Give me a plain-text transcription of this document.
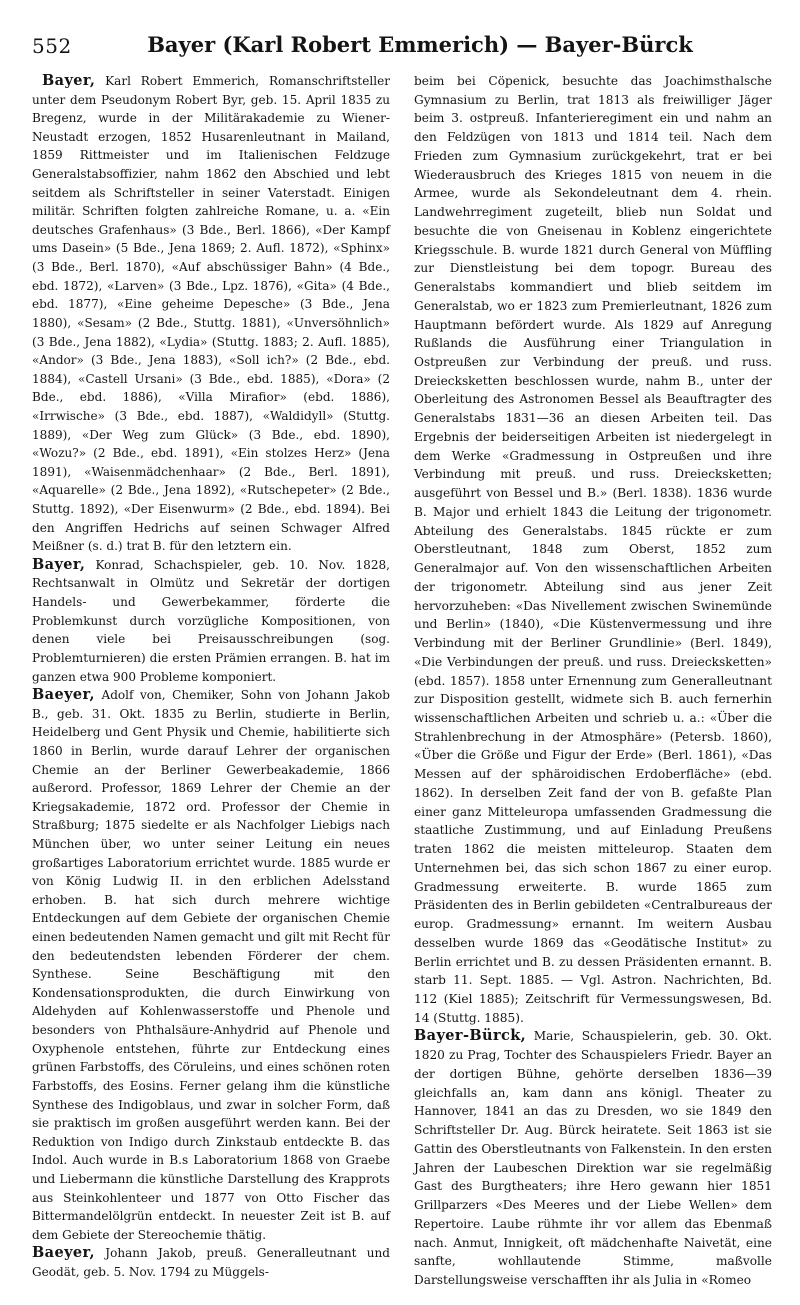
552	Bayer (Karl Robert Emmerich) — Bayer-Bürck

Bayer, Karl Robert Emmerich, Romanschriftsteller unter dem Pseudonym Robert Byr, geb. 15. April 1835 zu Bregenz, wurde in der Militärakademie zu Wiener-Neustadt erzogen, 1852 Husarenleutnant in Mailand, 1859 Rittmeister und im Italienischen Feldzuge Generalstabsoffizier, nahm 1862 den Abschied und lebt seitdem als Schriftsteller in seiner Vaterstadt. Einigen militär. Schriften folgten zahlreiche Romane, u. a. «Ein deutsches Grafenhaus» (3 Bde., Berl. 1866), «Der Kampf ums Dasein» (5 Bde., Jena 1869; 2. Aufl. 1872), «Sphinx» (3 Bde., Berl. 1870), «Auf abschüssiger Bahn» (4 Bde., ebd. 1872), «Larven» (3 Bde., Lpz. 1876), «Gita» (4 Bde., ebd. 1877), «Eine geheime Depesche» (3 Bde., Jena 1880), «Sesam» (2 Bde., Stuttg. 1881), «Unversöhnlich» (3 Bde., Jena 1882), «Lydia» (Stuttg. 1883; 2. Aufl. 1885), «Andor» (3 Bde., Jena 1883), «Soll ich?» (2 Bde., ebd. 1884), «Castell Ursani» (3 Bde., ebd. 1885), «Dora» (2 Bde., ebd. 1886), «Villa Mirafior» (ebd. 1886), «Irrwische» (3 Bde., ebd. 1887), «Waldidyll» (Stuttg. 1889), «Der Weg zum Glück» (3 Bde., ebd. 1890), «Wozu?» (2 Bde., ebd. 1891), «Ein stolzes Herz» (Jena 1891), «Waisenmädchenhaar» (2 Bde., Berl. 1891), «Aquarelle» (2 Bde., Jena 1892), «Rutschepeter» (2 Bde., Stuttg. 1892), «Der Eisenwurm» (2 Bde., ebd. 1894). Bei den Angriffen Hedrichs auf seinen Schwager Alfred Meißner (s. d.) trat B. für den letztern ein.

Bayer, Konrad, Schachspieler, geb. 10. Nov. 1828, Rechtsanwalt in Olmütz und Sekretär der dortigen Handels- und Gewerbekammer, förderte die Problemkunst durch vorzügliche Kompositionen, von denen viele bei Preisausschreibungen (sog. Problemturnieren) die ersten Prämien errangen. B. hat im ganzen etwa 900 Probleme komponiert.

Baeyer, Adolf von, Chemiker, Sohn von Johann Jakob B., geb. 31. Okt. 1835 zu Berlin, studierte in Berlin, Heidelberg und Gent Physik und Chemie, habilitierte sich 1860 in Berlin, wurde darauf Lehrer der organischen Chemie an der Berliner Gewerbeakademie, 1866 außerord. Professor, 1869 Lehrer der Chemie an der Kriegsakademie, 1872 ord. Professor der Chemie in Straßburg; 1875 siedelte er als Nachfolger Liebigs nach München über, wo unter seiner Leitung ein neues großartiges Laboratorium errichtet wurde. 1885 wurde er von König Ludwig II. in den erblichen Adelsstand erhoben. B. hat sich durch mehrere wichtige Entdeckungen auf dem Gebiete der organischen Chemie einen bedeutenden Namen gemacht und gilt mit Recht für den bedeutendsten lebenden Förderer der chem. Synthese. Seine Beschäftigung mit den Kondensationsprodukten, die durch Einwirkung von Aldehyden auf Kohlenwasserstoffe und Phenole und besonders von Phthalsäure-Anhydrid auf Phenole und Oxyphenole entstehen, führte zur Entdeckung eines grünen Farbstoffs, des Cöruleins, und eines schönen roten Farbstoffs, des Eosins. Ferner gelang ihm die künstliche Synthese des Indigoblaus, und zwar in solcher Form, daß sie praktisch im großen ausgeführt werden kann. Bei der Reduktion von Indigo durch Zinkstaub entdeckte B. das Indol. Auch wurde in B.s Laboratorium 1868 von Graebe und Liebermann die künstliche Darstellung des Krapprots aus Steinkohlenteer und 1877 von Otto Fischer das Bittermandelölgrün entdeckt. In neuester Zeit ist B. auf dem Gebiete der Stereochemie thätig.

Baeyer, Johann Jakob, preuß. Generalleutnant und Geodät, geb. 5. Nov. 1794 zu Müggels-

beim bei Cöpenick, besuchte das Joachimsthalsche Gymnasium zu Berlin, trat 1813 als freiwilliger Jäger beim 3. ostpreuß. Infanterieregiment ein und nahm an den Feldzügen von 1813 und 1814 teil. Nach dem Frieden zum Gymnasium zurückgekehrt, trat er bei Wiederausbruch des Krieges 1815 von neuem in die Armee, wurde als Sekondeleutnant dem 4. rhein. Landwehrregiment zugeteilt, blieb nun Soldat und besuchte die von Gneisenau in Koblenz eingerichtete Kriegsschule. B. wurde 1821 durch General von Müffling zur Dienstleistung bei dem topogr. Bureau des Generalstabs kommandiert und blieb seitdem im Generalstab, wo er 1823 zum Premierleutnant, 1826 zum Hauptmann befördert wurde. Als 1829 auf Anregung Rußlands die Ausführung einer Triangulation in Ostpreußen zur Verbindung der preuß. und russ. Dreiecksketten beschlossen wurde, nahm B., unter der Oberleitung des Astronomen Bessel als Beauftragter des Generalstabs 1831—36 an diesen Arbeiten teil. Das Ergebnis der beiderseitigen Arbeiten ist niedergelegt in dem Werke «Gradmessung in Ostpreußen und ihre Verbindung mit preuß. und russ. Dreiecksketten; ausgeführt von Bessel und B.» (Berl. 1838). 1836 wurde B. Major und erhielt 1843 die Leitung der trigonometr. Abteilung des Generalstabs. 1845 rückte er zum Oberstleutnant, 1848 zum Oberst, 1852 zum Generalmajor auf. Von den wissenschaftlichen Arbeiten der trigonometr. Abteilung sind aus jener Zeit hervorzuheben: «Das Nivellement zwischen Swinemünde und Berlin» (1840), «Die Küstenvermessung und ihre Verbindung mit der Berliner Grundlinie» (Berl. 1849), «Die Verbindungen der preuß. und russ. Dreiecksketten» (ebd. 1857). 1858 unter Ernennung zum Generalleutnant zur Disposition gestellt, widmete sich B. auch fernerhin wissenschaftlichen Arbeiten und schrieb u. a.: «Über die Strahlenbrechung in der Atmosphäre» (Petersb. 1860), «Über die Größe und Figur der Erde» (Berl. 1861), «Das Messen auf der sphäroidischen Erdoberfläche» (ebd. 1862). In derselben Zeit fand der von B. gefaßte Plan einer ganz Mitteleuropa umfassenden Gradmessung die staatliche Zustimmung, und auf Einladung Preußens traten 1862 die meisten mitteleurop. Staaten dem Unternehmen bei, das sich schon 1867 zu einer europ. Gradmessung erweiterte. B. wurde 1865 zum Präsidenten des in Berlin gebildeten «Centralbureaus der europ. Gradmessung» ernannt. Im weitern Ausbau desselben wurde 1869 das «Geodätische Institut» zu Berlin errichtet und B. zu dessen Präsidenten ernannt. B. starb 11. Sept. 1885. — Vgl. Astron. Nachrichten, Bd. 112 (Kiel 1885); Zeitschrift für Vermessungswesen, Bd. 14 (Stuttg. 1885).

Bayer-Bürck, Marie, Schauspielerin, geb. 30. Okt. 1820 zu Prag, Tochter des Schauspielers Friedr. Bayer an der dortigen Bühne, gehörte derselben 1836—39 gleichfalls an, kam dann ans königl. Theater zu Hannover, 1841 an das zu Dresden, wo sie 1849 den Schriftsteller Dr. Aug. Bürck heiratete. Seit 1863 ist sie Gattin des Oberstleutnants von Falkenstein. In den ersten Jahren der Laubeschen Direktion war sie regelmäßig Gast des Burgtheaters; ihre Hero gewann hier 1851 Grillparzers «Des Meeres und der Liebe Wellen» dem Repertoire. Laube rühmte ihr vor allem das Ebenmaß nach. Anmut, Innigkeit, oft mädchenhafte Naivetät, eine sanfte, wohllautende Stimme, maßvolle Darstellungsweise verschafften ihr als Julia in «Romeo
